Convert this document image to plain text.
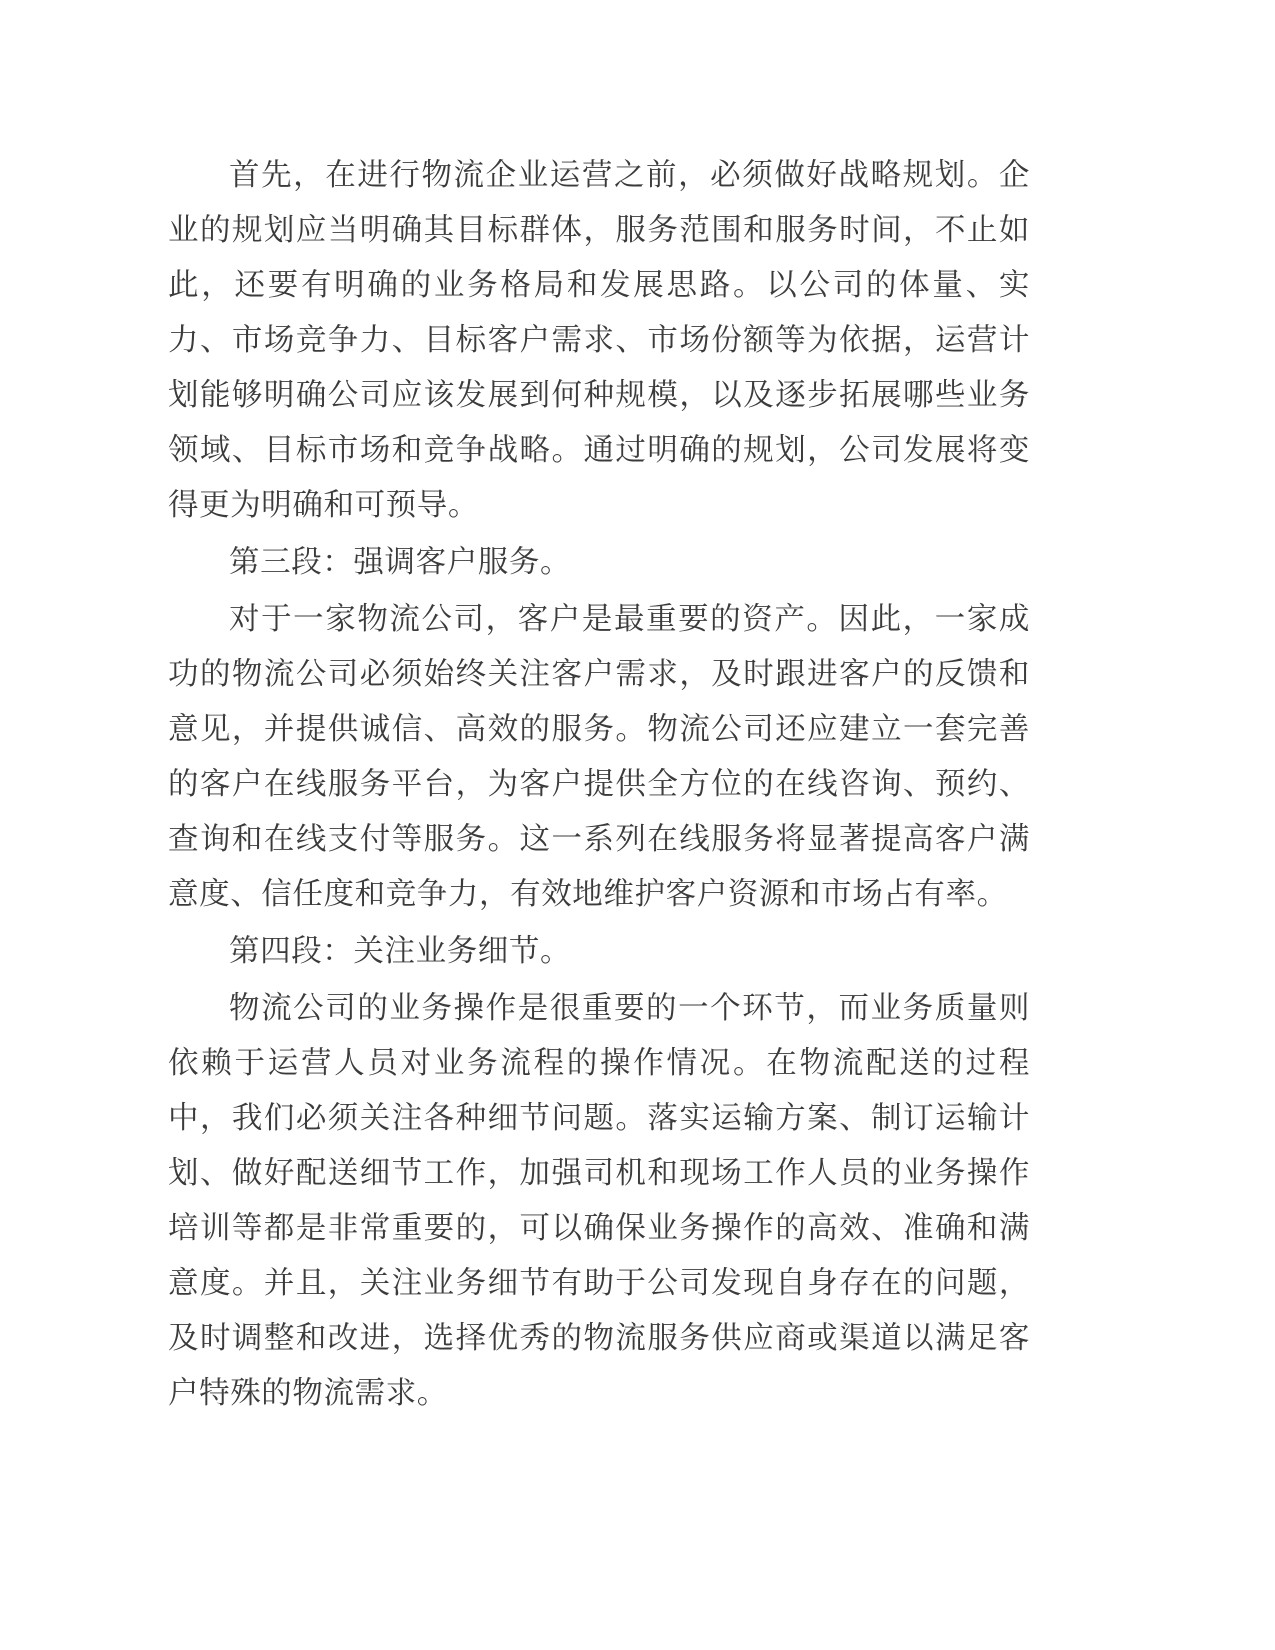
首先，在进行物流企业运营之前，必须做好战略规划。企业的规划应当明确其目标群体，服务范围和服务时间，不止如此，还要有明确的业务格局和发展思路。以公司的体量、实力、市场竞争力、目标客户需求、市场份额等为依据，运营计划能够明确公司应该发展到何种规模，以及逐步拓展哪些业务领域、目标市场和竞争战略。通过明确的规划，公司发展将变得更为明确和可预导。

第三段：强调客户服务。

对于一家物流公司，客户是最重要的资产。因此，一家成功的物流公司必须始终关注客户需求，及时跟进客户的反馈和意见，并提供诚信、高效的服务。物流公司还应建立一套完善的客户在线服务平台，为客户提供全方位的在线咨询、预约、查询和在线支付等服务。这一系列在线服务将显著提高客户满意度、信任度和竞争力，有效地维护客户资源和市场占有率。

第四段：关注业务细节。

物流公司的业务操作是很重要的一个环节，而业务质量则依赖于运营人员对业务流程的操作情况。在物流配送的过程中，我们必须关注各种细节问题。落实运输方案、制订运输计划、做好配送细节工作，加强司机和现场工作人员的业务操作培训等都是非常重要的，可以确保业务操作的高效、准确和满意度。并且，关注业务细节有助于公司发现自身存在的问题，及时调整和改进，选择优秀的物流服务供应商或渠道以满足客户特殊的物流需求。
